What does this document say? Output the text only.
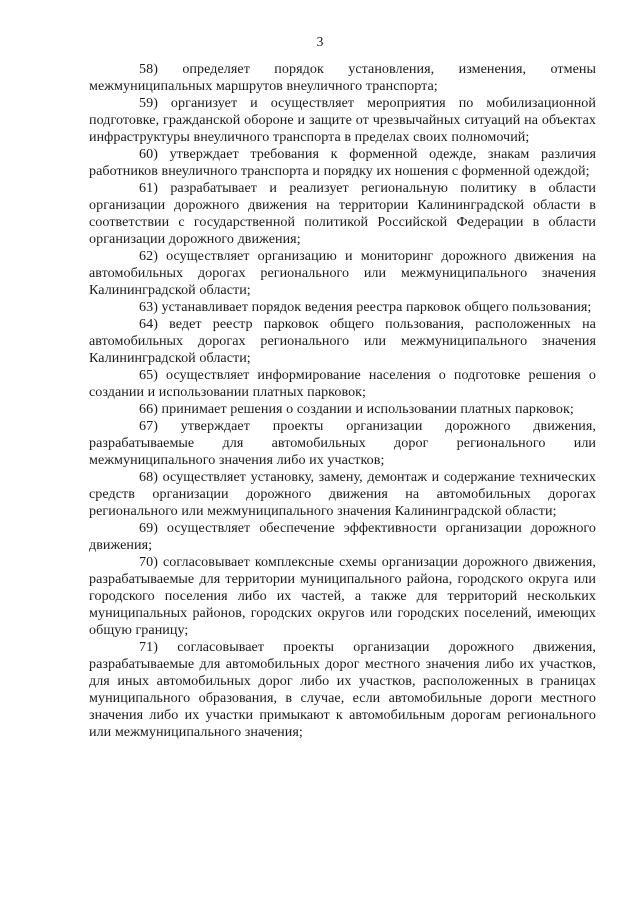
3

58) определяет порядок установления, изменения, отмены межмуниципальных маршрутов внеуличного транспорта;

59) организует и осуществляет мероприятия по мобилизационной подготовке, гражданской обороне и защите от чрезвычайных ситуаций на объектах инфраструктуры внеуличного транспорта в пределах своих полномочий;

60) утверждает требования к форменной одежде, знакам различия работников внеуличного транспорта и порядку их ношения с форменной одеждой;

61) разрабатывает и реализует региональную политику в области организации дорожного движения на территории Калининградской области в соответствии с государственной политикой Российской Федерации в области организации дорожного движения;

62) осуществляет организацию и мониторинг дорожного движения на автомобильных дорогах регионального или межмуниципального значения Калининградской области;

63) устанавливает порядок ведения реестра парковок общего пользования;

64) ведет реестр парковок общего пользования, расположенных на автомобильных дорогах регионального или межмуниципального значения Калининградской области;

65) осуществляет информирование населения о подготовке решения о создании и использовании платных парковок;

66) принимает решения о создании и использовании платных парковок;

67) утверждает проекты организации дорожного движения, разрабатываемые для автомобильных дорог регионального или межмуниципального значения либо их участков;

68) осуществляет установку, замену, демонтаж и содержание технических средств организации дорожного движения на автомобильных дорогах регионального или межмуниципального значения Калининградской области;

69) осуществляет обеспечение эффективности организации дорожного движения;

70) согласовывает комплексные схемы организации дорожного движения, разрабатываемые для территории муниципального района, городского округа или городского поселения либо их частей, а также для территорий нескольких муниципальных районов, городских округов или городских поселений, имеющих общую границу;

71) согласовывает проекты организации дорожного движения, разрабатываемые для автомобильных дорог местного значения либо их участков, для иных автомобильных дорог либо их участков, расположенных в границах муниципального образования, в случае, если автомобильные дороги местного значения либо их участки примыкают к автомобильным дорогам регионального или межмуниципального значения;
